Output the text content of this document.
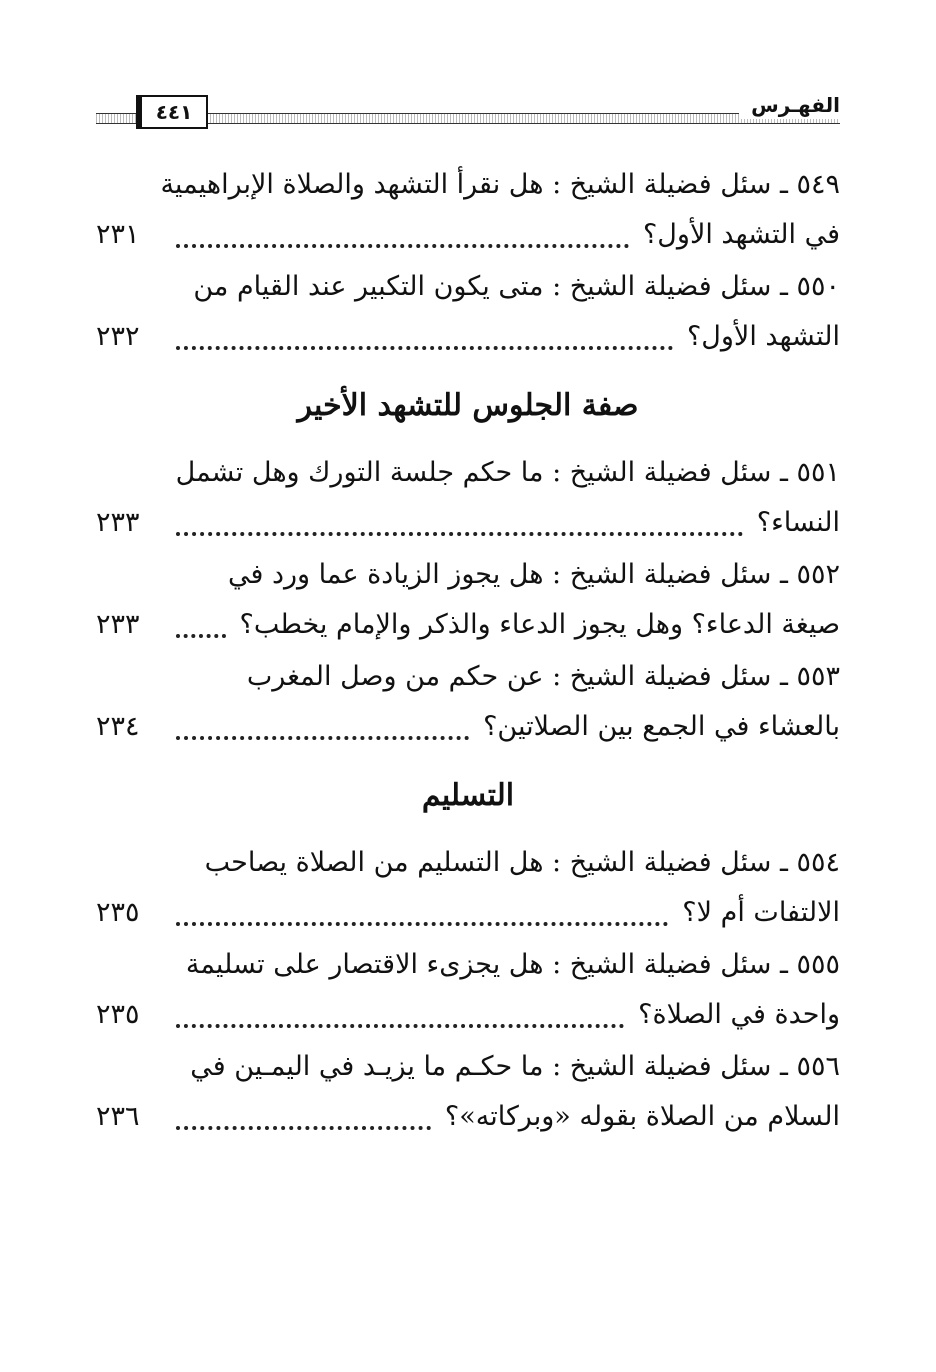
٤٤١	الفهـرس
٥٤٩ ـ سئل فضيلة الشيخ : هل نقرأ التشهد والصلاة الإبراهيمية
في التشهد الأول؟
٢٣١
٥٥٠ ـ سئل فضيلة الشيخ : متى يكون التكبير عند القيام من
التشهد الأول؟
٢٣٢
صفة الجلوس للتشهد الأخير
٥٥١ ـ سئل فضيلة الشيخ : ما حكم جلسة التورك وهل تشمل
النساء؟
٢٣٣
٥٥٢ ـ سئل فضيلة الشيخ : هل يجوز الزيادة عما ورد في
صيغة الدعاء؟ وهل يجوز الدعاء والذكر والإمام يخطب؟
٢٣٣
٥٥٣ ـ سئل فضيلة الشيخ : عن حكم من وصل المغرب
بالعشاء في الجمع بين الصلاتين؟
٢٣٤
التسليم
٥٥٤ ـ سئل فضيلة الشيخ : هل التسليم من الصلاة يصاحب
الالتفات أم لا؟
٢٣٥
٥٥٥ ـ سئل فضيلة الشيخ : هل يجزىء الاقتصار على تسليمة
واحدة في الصلاة؟
٢٣٥
٥٥٦ ـ سئل فضيلة الشيخ : ما حكـم ما يزيـد في اليمـين في
السلام من الصلاة بقوله «وبركاته»؟
٢٣٦
